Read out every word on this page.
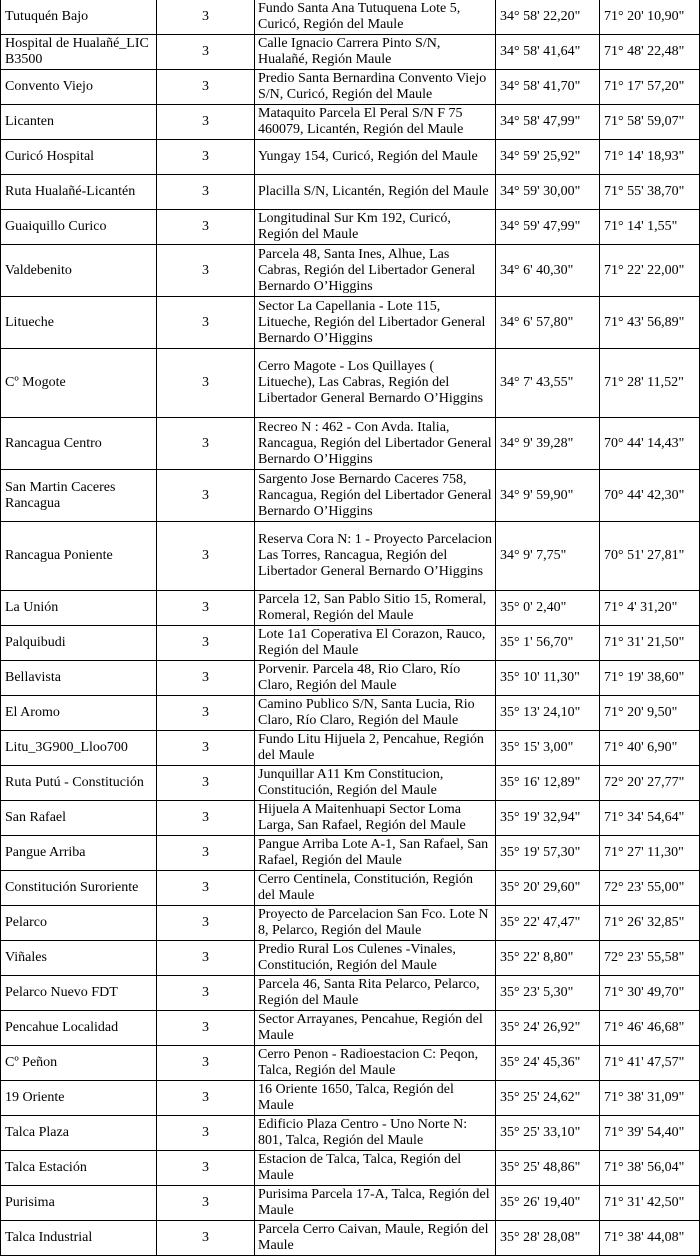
Tutuquén Bajo	3	Fundo Santa Ana Tutuquena Lote 5, Curicó, Región del Maule	34° 58' 22,20"	71° 20' 10,90"
Hospital de Hualañé_LIC B3500	3	Calle Ignacio Carrera Pinto S/N, Hualañé, Región Maule	34° 58' 41,64"	71° 48' 22,48"
Convento Viejo	3	Predio Santa Bernardina Convento Viejo S/N, Curicó, Región del Maule	34° 58' 41,70"	71° 17' 57,20"
Licanten	3	Mataquito Parcela El Peral S/N F 75 460079, Licantén, Región del Maule	34° 58' 47,99"	71° 58' 59,07"
Curicó Hospital	3	Yungay 154, Curicó, Región del Maule	34° 59' 25,92"	71° 14' 18,93"
Ruta Hualañé-Licantén	3	Placilla S/N, Licantén, Región del Maule	34° 59' 30,00"	71° 55' 38,70"
Guaiquillo Curico	3	Longitudinal Sur Km 192, Curicó, Región del Maule	34° 59' 47,99"	71° 14' 1,55"
Valdebenito	3	Parcela 48, Santa Ines, Alhue, Las Cabras, Región del Libertador General Bernardo O’Higgins	34° 6' 40,30"	71° 22' 22,00"
Litueche	3	Sector La Capellania - Lote 115, Litueche, Región del Libertador General Bernardo O’Higgins	34° 6' 57,80"	71° 43' 56,89"
Cº Mogote	3	Cerro Magote - Los Quillayes ( Litueche), Las Cabras, Región del Libertador General Bernardo O’Higgins	34° 7' 43,55"	71° 28' 11,52"
Rancagua Centro	3	Recreo N : 462 - Con Avda. Italia, Rancagua, Región del Libertador General Bernardo O’Higgins	34° 9' 39,28"	70° 44' 14,43"
San Martin Caceres Rancagua	3	Sargento Jose Bernardo Caceres 758, Rancagua, Región del Libertador General Bernardo O’Higgins	34° 9' 59,90"	70° 44' 42,30"
Rancagua Poniente	3	Reserva Cora N: 1 - Proyecto Parcelacion Las Torres, Rancagua, Región del Libertador General Bernardo O’Higgins	34° 9' 7,75"	70° 51' 27,81"
La Unión	3	Parcela 12, San Pablo Sitio 15, Romeral, Romeral, Región del Maule	35° 0' 2,40"	71° 4' 31,20"
Palquibudi	3	Lote 1a1 Coperativa El Corazon, Rauco, Región del Maule	35° 1' 56,70"	71° 31' 21,50"
Bellavista	3	Porvenir. Parcela 48, Rio Claro, Río Claro, Región del Maule	35° 10' 11,30"	71° 19' 38,60"
El Aromo	3	Camino Publico S/N, Santa Lucia, Rio Claro, Río Claro, Región del Maule	35° 13' 24,10"	71° 20' 9,50"
Litu_3G900_Lloo700	3	Fundo Litu Hijuela 2, Pencahue, Región del Maule	35° 15' 3,00"	71° 40' 6,90"
Ruta Putú - Constitución	3	Junquillar A11 Km Constitucion, Constitución, Región del Maule	35° 16' 12,89"	72° 20' 27,77"
San Rafael	3	Hijuela A Maitenhuapi Sector Loma Larga, San Rafael, Región del Maule	35° 19' 32,94"	71° 34' 54,64"
Pangue Arriba	3	Pangue Arriba Lote A-1, San Rafael, San Rafael, Región del Maule	35° 19' 57,30"	71° 27' 11,30"
Constitución Suroriente	3	Cerro Centinela, Constitución, Región del Maule	35° 20' 29,60"	72° 23' 55,00"
Pelarco	3	Proyecto de Parcelacion San Fco. Lote N 8, Pelarco, Región del Maule	35° 22' 47,47"	71° 26' 32,85"
Viñales	3	Predio Rural Los Culenes -Vinales, Constitución, Región del Maule	35° 22' 8,80"	72° 23' 55,58"
Pelarco Nuevo FDT	3	Parcela 46, Santa Rita Pelarco, Pelarco, Región del Maule	35° 23' 5,30"	71° 30' 49,70"
Pencahue Localidad	3	Sector Arrayanes, Pencahue, Región del Maule	35° 24' 26,92"	71° 46' 46,68"
Cº Peñon	3	Cerro Penon - Radioestacion C: Peqon, Talca, Región del Maule	35° 24' 45,36"	71° 41' 47,57"
19 Oriente	3	16 Oriente 1650, Talca, Región del Maule	35° 25' 24,62"	71° 38' 31,09"
Talca Plaza	3	Edificio Plaza Centro - Uno Norte N: 801, Talca, Región del Maule	35° 25' 33,10"	71° 39' 54,40"
Talca Estación	3	Estacion de Talca, Talca, Región del Maule	35° 25' 48,86"	71° 38' 56,04"
Purisima	3	Purisima Parcela 17-A, Talca, Región del Maule	35° 26' 19,40"	71° 31' 42,50"
Talca Industrial	3	Parcela Cerro Caivan, Maule, Región del Maule	35° 28' 28,08"	71° 38' 44,08"
